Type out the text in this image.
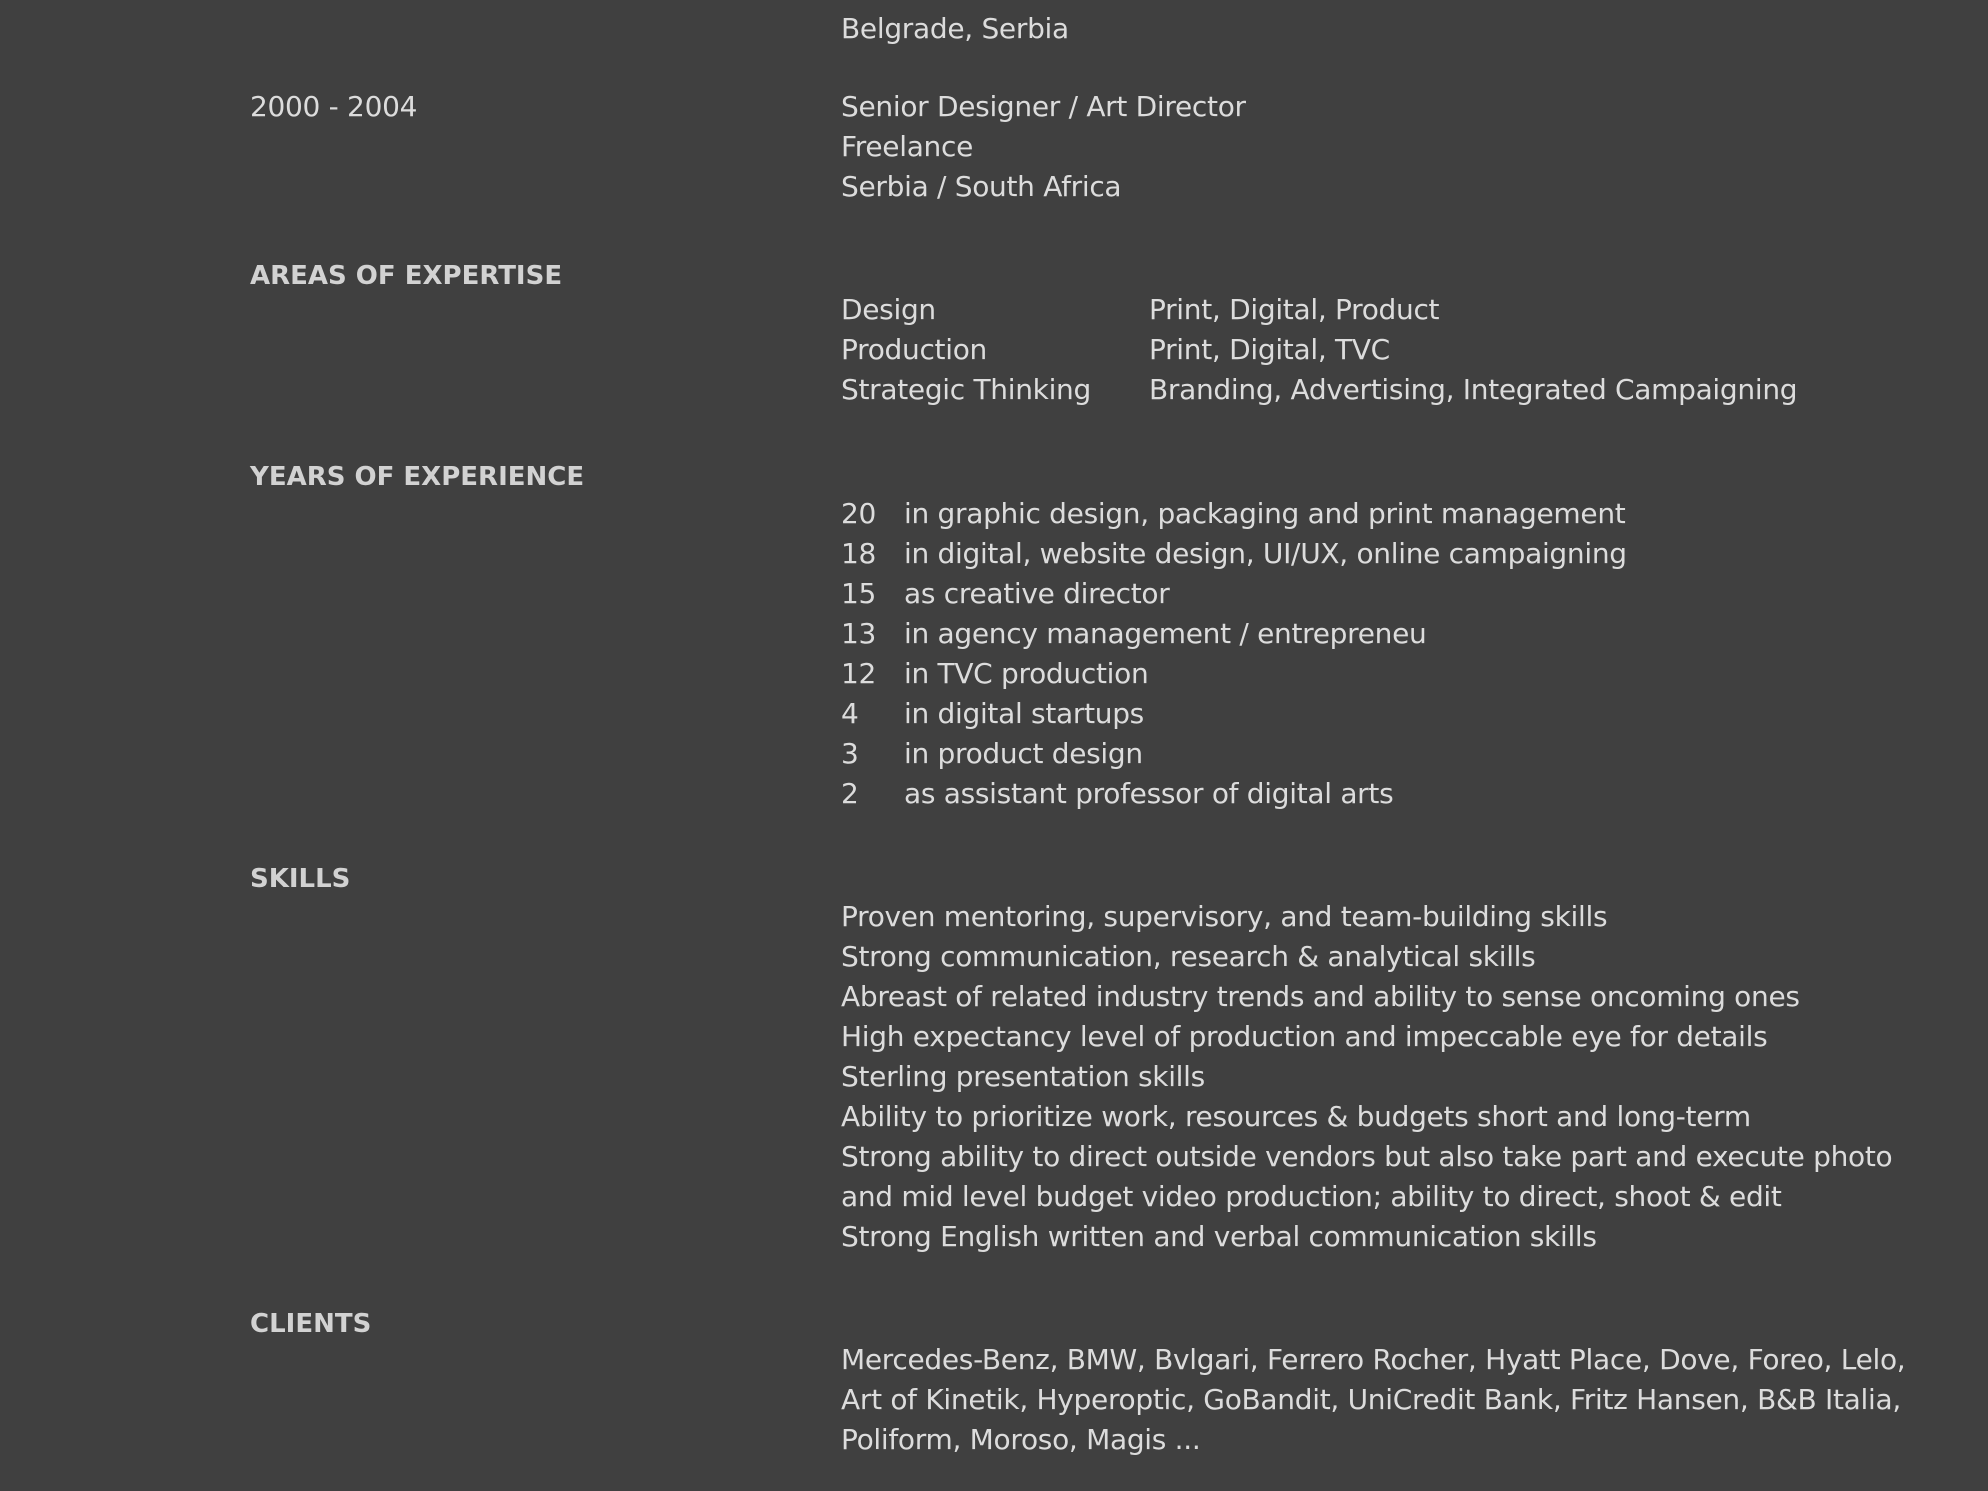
Belgrade, Serbia
2000 - 2004	Senior Designer / Art Director
Freelance
Serbia / South Africa
AREAS OF EXPERTISE
Design	Print, Digital, Product
Production	Print, Digital, TVC
Strategic Thinking Branding, Advertising, Integrated Campaigning
YEARS OF EXPERIENCE
20 in graphic design, packaging and print management
18 in digital, website design, UI/UX, online campaigning
15 as creative director
13 in agency management / entrepreneu
12 in TVC production
4 in digital startups
3 in product design
2 as assistant professor of digital arts
SKILLS
Proven mentoring, supervisory, and team-building skills
Strong communication, research & analytical skills
Abreast of related industry trends and ability to sense oncoming ones
High expectancy level of production and impeccable eye for details
Sterling presentation skills
Ability to prioritize work, resources & budgets short and long-term
Strong ability to direct outside vendors but also take part and execute photo
and mid level budget video production; ability to direct, shoot & edit
Strong English written and verbal communication skills
CLIENTS
Mercedes-Benz, BMW, Bvlgari, Ferrero Rocher, Hyatt Place, Dove, Foreo, Lelo,
Art of Kinetik, Hyperoptic, GoBandit, UniCredit Bank, Fritz Hansen, B&B Italia,
Poliform, Moroso, Magis ...
